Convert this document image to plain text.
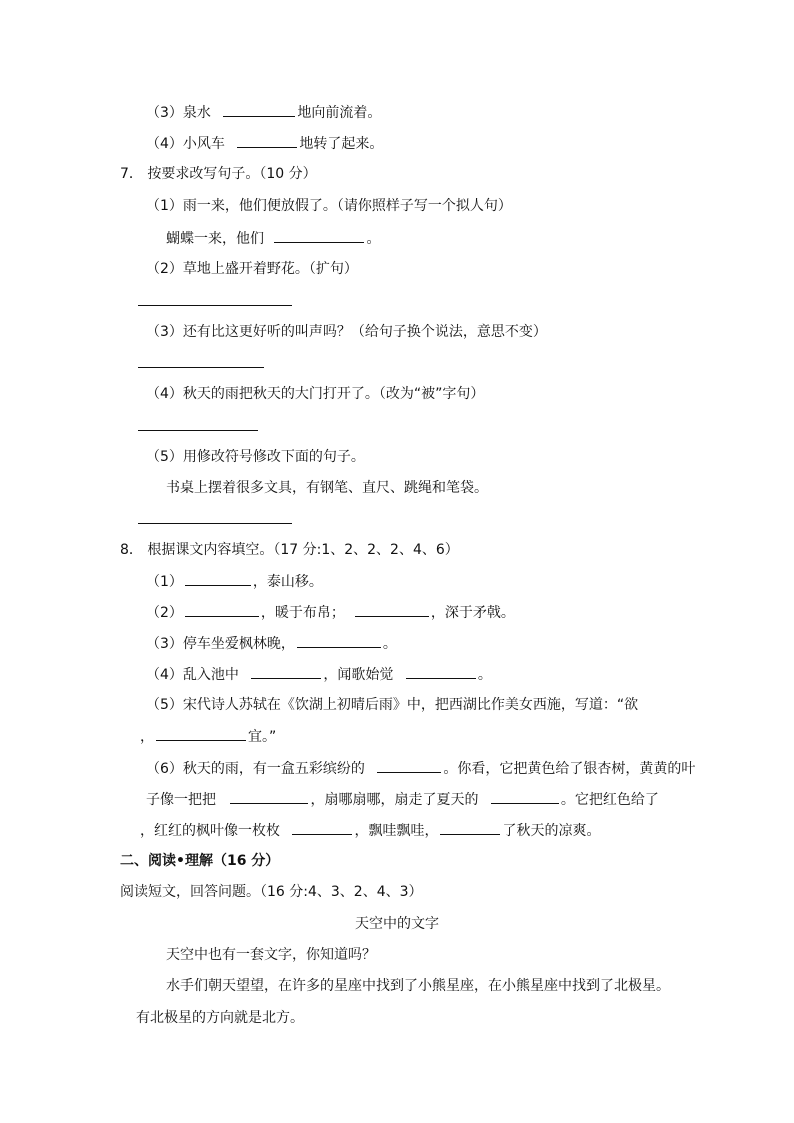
（3）泉水	地向前流着。
（4）小风车	地转了起来。
7． 按要求改写句子。（10 分）
（1）雨一来，他们便放假了。（请你照样子写一个拟人句）
蝴蝶一来，他们	。
（2）草地上盛开着野花。（扩句）
（3）还有比这更好听的叫声吗？（给句子换个说法，意思不变）
（4）秋天的雨把秋天的大门打开了。（改为“被”字句）
（5）用修改符号修改下面的句子。
书桌上摆着很多文具，有钢笔、直尺、跳绳和笔袋。
8． 根据课文内容填空。（17 分:1、2、2、2、4、6）
（1）	，泰山移。
（2）	，暖于布帛；	，深于矛戟。
（3）停车坐爱枫林晚，	。
（4）乱入池中	，闻歌始觉	。
（5）宋代诗人苏轼在《饮湖上初晴后雨》中，把西湖比作美女西施，写道：“欲
，	宜。”
（6）秋天的雨，有一盒五彩缤纷的	。你看，它把黄色给了银杏树，黄黄的叶
子像一把把	，扇哪扇哪，扇走了夏天的	。它把红色给了
，红红的枫叶像一枚枚	，飘哇飘哇，	了秋天的凉爽。
二、阅读•理解（16 分）
阅读短文，回答问题。（16 分:4、3、2、4、3）
天空中的文字
天空中也有一套文字，你知道吗？
水手们朝天望望，在许多的星座中找到了小熊星座，在小熊星座中找到了北极星。
有北极星的方向就是北方。
